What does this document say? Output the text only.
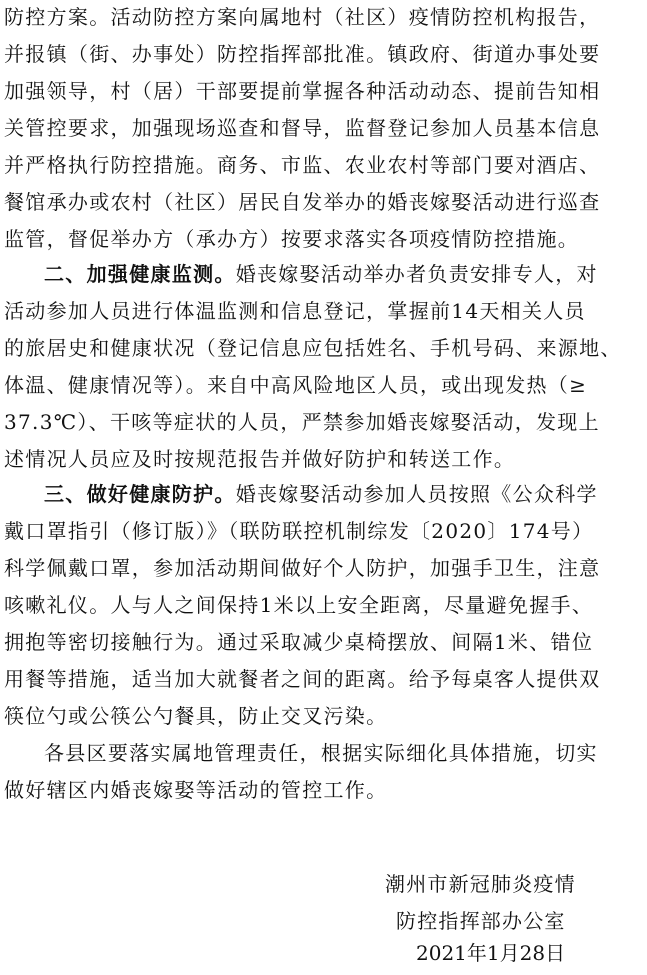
防控方案。活动防控方案向属地村（社区）疫情防控机构报告，
并报镇（街、办事处）防控指挥部批准。镇政府、街道办事处要
加强领导，村（居）干部要提前掌握各种活动动态、提前告知相
关管控要求，加强现场巡查和督导，监督登记参加人员基本信息
并严格执行防控措施。商务、市监、农业农村等部门要对酒店、
餐馆承办或农村（社区）居民自发举办的婚丧嫁娶活动进行巡查
监管，督促举办方（承办方）按要求落实各项疫情防控措施。
二、加强健康监测。婚丧嫁娶活动举办者负责安排专人，对
活动参加人员进行体温监测和信息登记，掌握前14天相关人员
的旅居史和健康状况（登记信息应包括姓名、手机号码、来源地、
体温、健康情况等）。来自中高风险地区人员，或出现发热（≥
37.3℃）、干咳等症状的人员，严禁参加婚丧嫁娶活动，发现上
述情况人员应及时按规范报告并做好防护和转送工作。
三、做好健康防护。婚丧嫁娶活动参加人员按照《公众科学
戴口罩指引（修订版）》（联防联控机制综发〔2020〕174号）
科学佩戴口罩，参加活动期间做好个人防护，加强手卫生，注意
咳嗽礼仪。人与人之间保持1米以上安全距离，尽量避免握手、
拥抱等密切接触行为。通过采取减少桌椅摆放、间隔1米、错位
用餐等措施，适当加大就餐者之间的距离。给予每桌客人提供双
筷位勺或公筷公勺餐具，防止交叉污染。
各县区要落实属地管理责任，根据实际细化具体措施，切实
做好辖区内婚丧嫁娶等活动的管控工作。
潮州市新冠肺炎疫情
防控指挥部办公室
2021年1月28日
